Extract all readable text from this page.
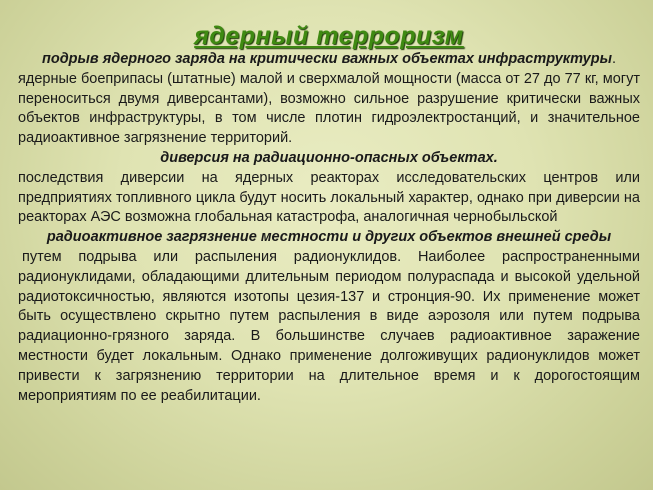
ядерный терроризм

подрыв ядерного заряда на критически важных объектах инфраструктуры.

ядерные боеприпасы (штатные) малой и сверхмалой мощности (масса от 27 до 77 кг, могут переноситься двумя диверсантами), возможно сильное разрушение критически важных объектов инфраструктуры, в том числе плотин гидроэлектростанций, и значительное радиоактивное загрязнение территорий.

диверсия на радиационно-опасных объектах.

последствия диверсии на ядерных реакторах исследовательских центров или предприятиях топливного цикла будут носить локальный характер, однако при диверсии на реакторах АЭС возможна глобальная катастрофа, аналогичная чернобыльской

радиоактивное загрязнение местности и других объектов внешней среды

путем подрыва или распыления радионуклидов. Наиболее распространенными радионуклидами, обладающими длительным периодом полураспада и высокой удельной радиотоксичностью, являются изотопы цезия-137 и стронция-90. Их применение может быть осуществлено скрытно путем распыления в виде аэрозоля или путем подрыва радиационно-грязного заряда. В большинстве случаев радиоактивное заражение местности будет локальным. Однако применение долгоживущих радионуклидов может привести к загрязнению территории на длительное время и к дорогостоящим мероприятиям по ее реабилитации.
